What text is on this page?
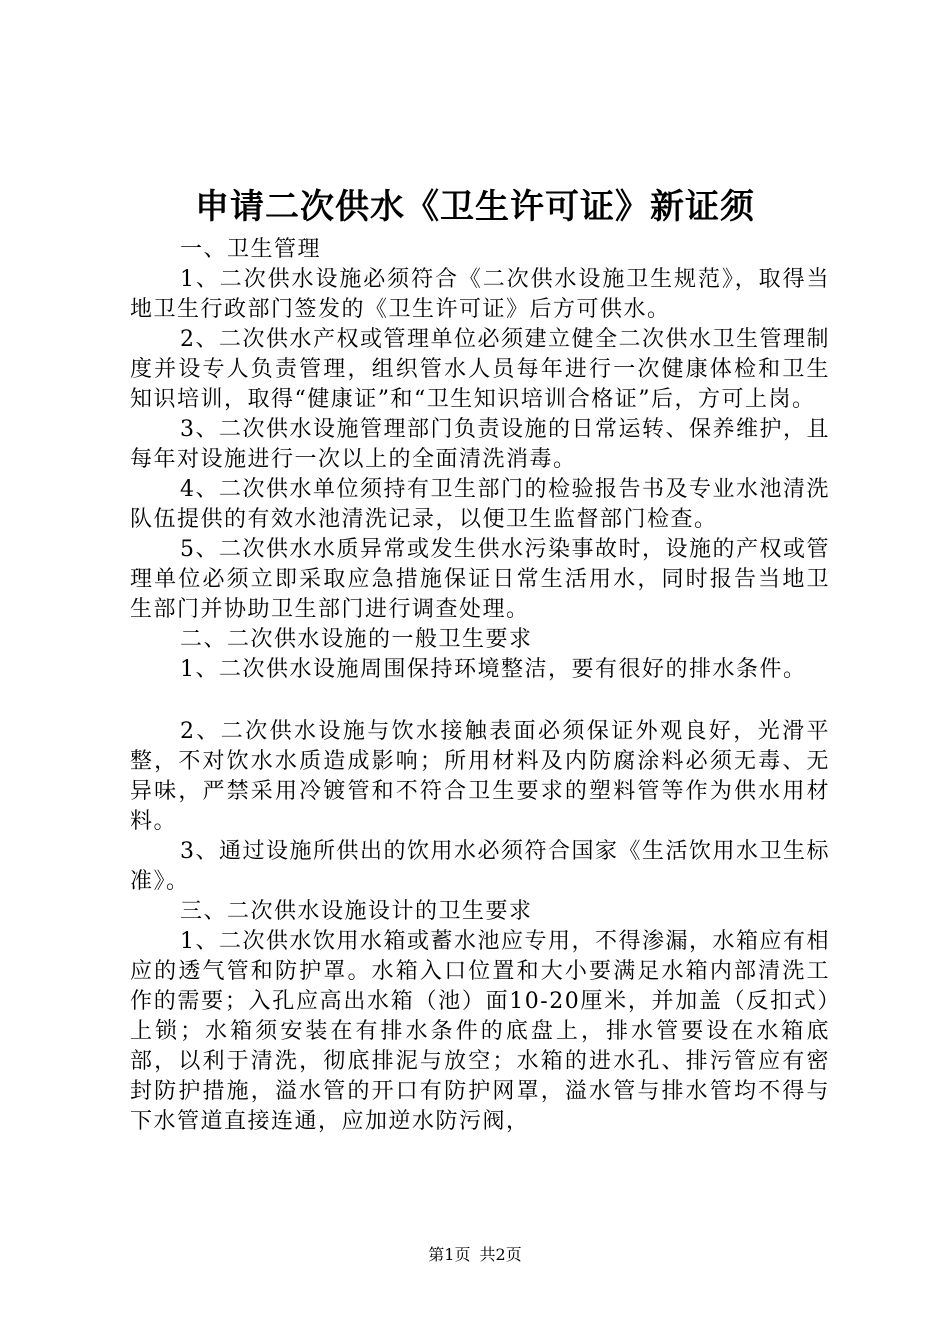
申请二次供水《卫生许可证》新证须

一、卫生管理

1、二次供水设施必须符合《二次供水设施卫生规范》，取得当地卫生行政部门签发的《卫生许可证》后方可供水。

2、二次供水产权或管理单位必须建立健全二次供水卫生管理制度并设专人负责管理，组织管水人员每年进行一次健康体检和卫生知识培训，取得“健康证”和“卫生知识培训合格证”后，方可上岗。

3、二次供水设施管理部门负责设施的日常运转、保养维护，且每年对设施进行一次以上的全面清洗消毒。

4、二次供水单位须持有卫生部门的检验报告书及专业水池清洗队伍提供的有效水池清洗记录，以便卫生监督部门检查。

5、二次供水水质异常或发生供水污染事故时，设施的产权或管理单位必须立即采取应急措施保证日常生活用水，同时报告当地卫生部门并协助卫生部门进行调查处理。

二、二次供水设施的一般卫生要求

1、二次供水设施周围保持环境整洁，要有很好的排水条件。

2、二次供水设施与饮水接触表面必须保证外观良好，光滑平整，不对饮水水质造成影响；所用材料及内防腐涂料必须无毒、无异味，严禁采用冷镀管和不符合卫生要求的塑料管等作为供水用材料。

3、通过设施所供出的饮用水必须符合国家《生活饮用水卫生标准》。

三、二次供水设施设计的卫生要求

1、二次供水饮用水箱或蓄水池应专用，不得渗漏，水箱应有相应的透气管和防护罩。水箱入口位置和大小要满足水箱内部清洗工作的需要；入孔应高出水箱（池）面10-20厘米，并加盖（反扣式）上锁；水箱须安装在有排水条件的底盘上，排水管要设在水箱底部，以利于清洗，彻底排泥与放空；水箱的进水孔、排污管应有密封防护措施，溢水管的开口有防护网罩，溢水管与排水管均不得与下水管道直接连通，应加逆水防污阀，

第1页 共2页
